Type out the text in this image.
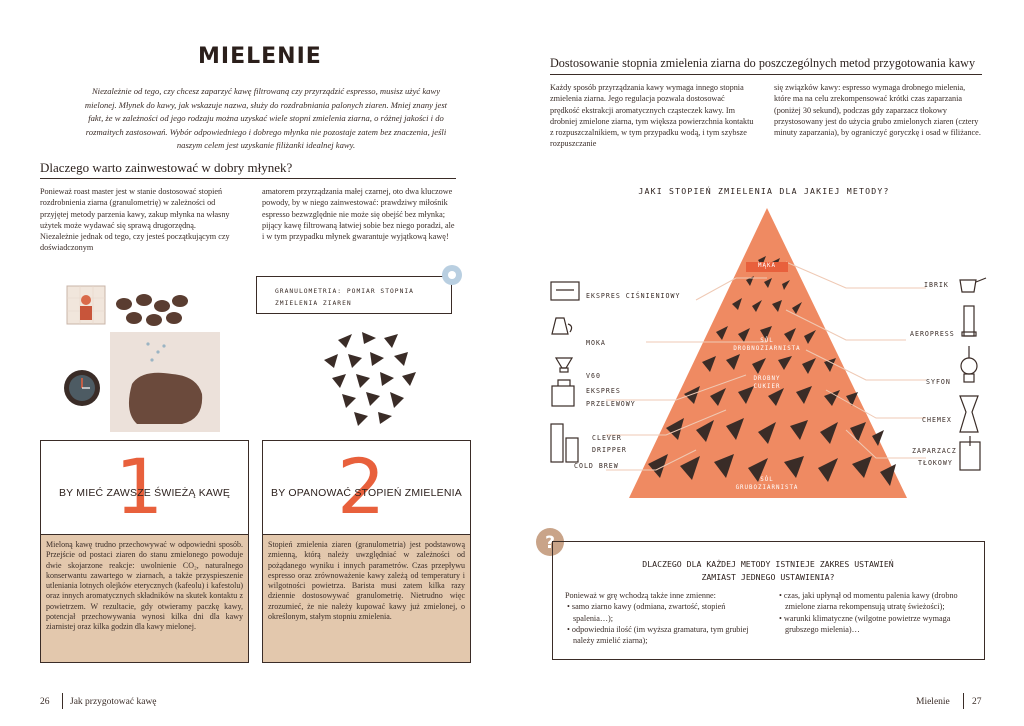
MIELENIE
Niezależnie od tego, czy chcesz zaparzyć kawę filtrowaną czy przyrządzić espresso, musisz użyć kawy mielonej. Młynek do kawy, jak wskazuje nazwa, służy do rozdrabniania palonych ziaren. Mniej znany jest fakt, że w zależności od jego rodzaju można uzyskać wiele stopni zmielenia ziarna, o różnej jakości i do rozmaitych zastosowań. Wybór odpowiedniego i dobrego młynka nie pozostaje zatem bez znaczenia, jeśli naszym celem jest uzyskanie filiżanki idealnej kawy.
Dlaczego warto zainwestować w dobry młynek?
Ponieważ roast master jest w stanie dostosować stopień rozdrobnienia ziarna (granulometrię) w zależności od przyjętej metody parzenia kawy, zakup młynka na własny użytek może wydawać się sprawą drugorzędną. Niezależnie jednak od tego, czy jesteś początkującym czy doświadczonym
amatorem przyrządzania małej czarnej, oto dwa kluczowe powody, by w niego zainwestować: prawdziwy miłośnik espresso bezwzględnie nie może się obejść bez młynka; pijący kawę filtrowaną łatwiej sobie bez niego poradzi, ale i w tym przypadku młynek gwarantuje wyjątkową kawę!
GRANULOMETRIA: POMIAR STOPNIA ZMIELENIA ZIAREN
1
BY MIEĆ ZAWSZE ŚWIEŻĄ KAWĘ
Mieloną kawę trudno przechowywać w odpowiedni sposób. Przejście od postaci ziaren do stanu zmielonego powoduje dwie skojarzone reakcje: uwolnienie CO₂, naturalnego konserwantu zawartego w ziarnach, a także przyspieszenie utleniania lotnych olejków eterycznych (kafeolu) i kafestolu) oraz innych aromatycznych składników na skutek kontaktu z powietrzem. W rezultacie, gdy otwieramy paczkę kawy, potencjał przechowywania wynosi kilka dni dla kawy ziarnistej oraz kilka godzin dla kawy mielonej.
2
BY OPANOWAĆ STOPIEŃ ZMIELENIA
Stopień zmielenia ziaren (granulometria) jest podstawową zmienną, którą należy uwzględniać w zależności od pożądanego wyniku i innych parametrów. Czas przepływu espresso oraz zrównoważenie kawy zależą od temperatury i wilgotności powietrza. Barista musi zatem kilka razy dziennie dostosowywać granulometrię. Nietrudno więc zrozumieć, że nie należy kupować kawy już zmielonej, o określonym, stałym stopniu zmielenia.
26 Jak przygotować kawę
Dostosowanie stopnia zmielenia ziarna do poszczególnych metod przygotowania kawy
Każdy sposób przyrządzania kawy wymaga innego stopnia zmielenia ziarna. Jego regulacja pozwala dostosować prędkość ekstrakcji aromatycznych cząsteczek kawy. Im drobniej zmielone ziarna, tym większa powierzchnia kontaktu z rozpuszczalnikiem, w tym przypadku wodą, i tym szybsze rozpuszczanie
się związków kawy: espresso wymaga drobnego mielenia, które ma na celu zrekompensować krótki czas zaparzania (poniżej 30 sekund), podczas gdy zaparzacz tłokowy przystosowany jest do użycia grubo zmielonych ziaren (cztery minuty zaparzania), by ograniczyć goryczkę i osad w filiżance.
JAKI STOPIEŃ ZMIELENIA DLA JAKIEJ METODY?
MĄKA
SÓL
DROBNOZIARNISTA
DROBNY
CUKIER
SÓL
GRUBOZIARNISTA
EKSPRES CIŚNIENIOWY
MOKA
V60
EKSPRES
PRZELEWOWY
CLEVER
DRIPPER
COLD BREW
IBRIK
AEROPRESS
SYFON
CHEMEX
ZAPARZACZ
TŁOKOWY
?
DLACZEGO DLA KAŻDEJ METODY ISTNIEJE ZAKRES USTAWIEŃ ZAMIAST JEDNEGO USTAWIENIA?
Ponieważ w grę wchodzą także inne zmienne:
• samo ziarno kawy (odmiana, zwartość, stopień spalenia…);
• odpowiednia ilość (im wyższa gramatura, tym grubiej należy zmielić ziarna);
• czas, jaki upłynął od momentu palenia kawy (drobno zmielone ziarna rekompensują utratę świeżości);
• warunki klimatyczne (wilgotne powietrze wymaga grubszego mielenia)…
Mielenie 27
